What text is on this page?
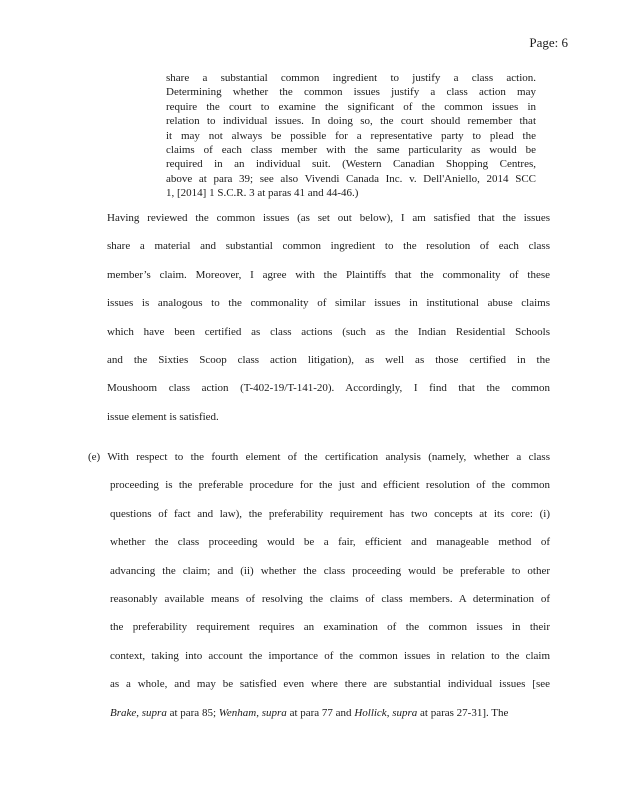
Page: 6
share a substantial common ingredient to justify a class action.
Determining whether the common issues justify a class action may
require the court to examine the significant of the common issues in
relation to individual issues. In doing so, the court should remember that
it may not always be possible for a representative party to plead the
claims of each class member with the same particularity as would be
required in an individual suit. (Western Canadian Shopping Centres,
above at para 39; see also Vivendi Canada Inc. v. Dell'Aniello, 2014 SCC
1, [2014] 1 S.C.R. 3 at paras 41 and 44-46.)
Having reviewed the common issues (as set out below), I am satisfied that the issues
share a material and substantial common ingredient to the resolution of each class
member’s claim. Moreover, I agree with the Plaintiffs that the commonality of these
issues is analogous to the commonality of similar issues in institutional abuse claims
which have been certified as class actions (such as the Indian Residential Schools
and the Sixties Scoop class action litigation), as well as those certified in the
Moushoom class action (T-402-19/T-141-20). Accordingly, I find that the common
issue element is satisfied.
(e) With respect to the fourth element of the certification analysis (namely, whether a class
proceeding is the preferable procedure for the just and efficient resolution of the common
questions of fact and law), the preferability requirement has two concepts at its core: (i)
whether the class proceeding would be a fair, efficient and manageable method of
advancing the claim; and (ii) whether the class proceeding would be preferable to other
reasonably available means of resolving the claims of class members. A determination of
the preferability requirement requires an examination of the common issues in their
context, taking into account the importance of the common issues in relation to the claim
as a whole, and may be satisfied even where there are substantial individual issues [see
Brake, supra at para 85; Wenham, supra at para 77 and Hollick, supra at paras 27-31]. The
